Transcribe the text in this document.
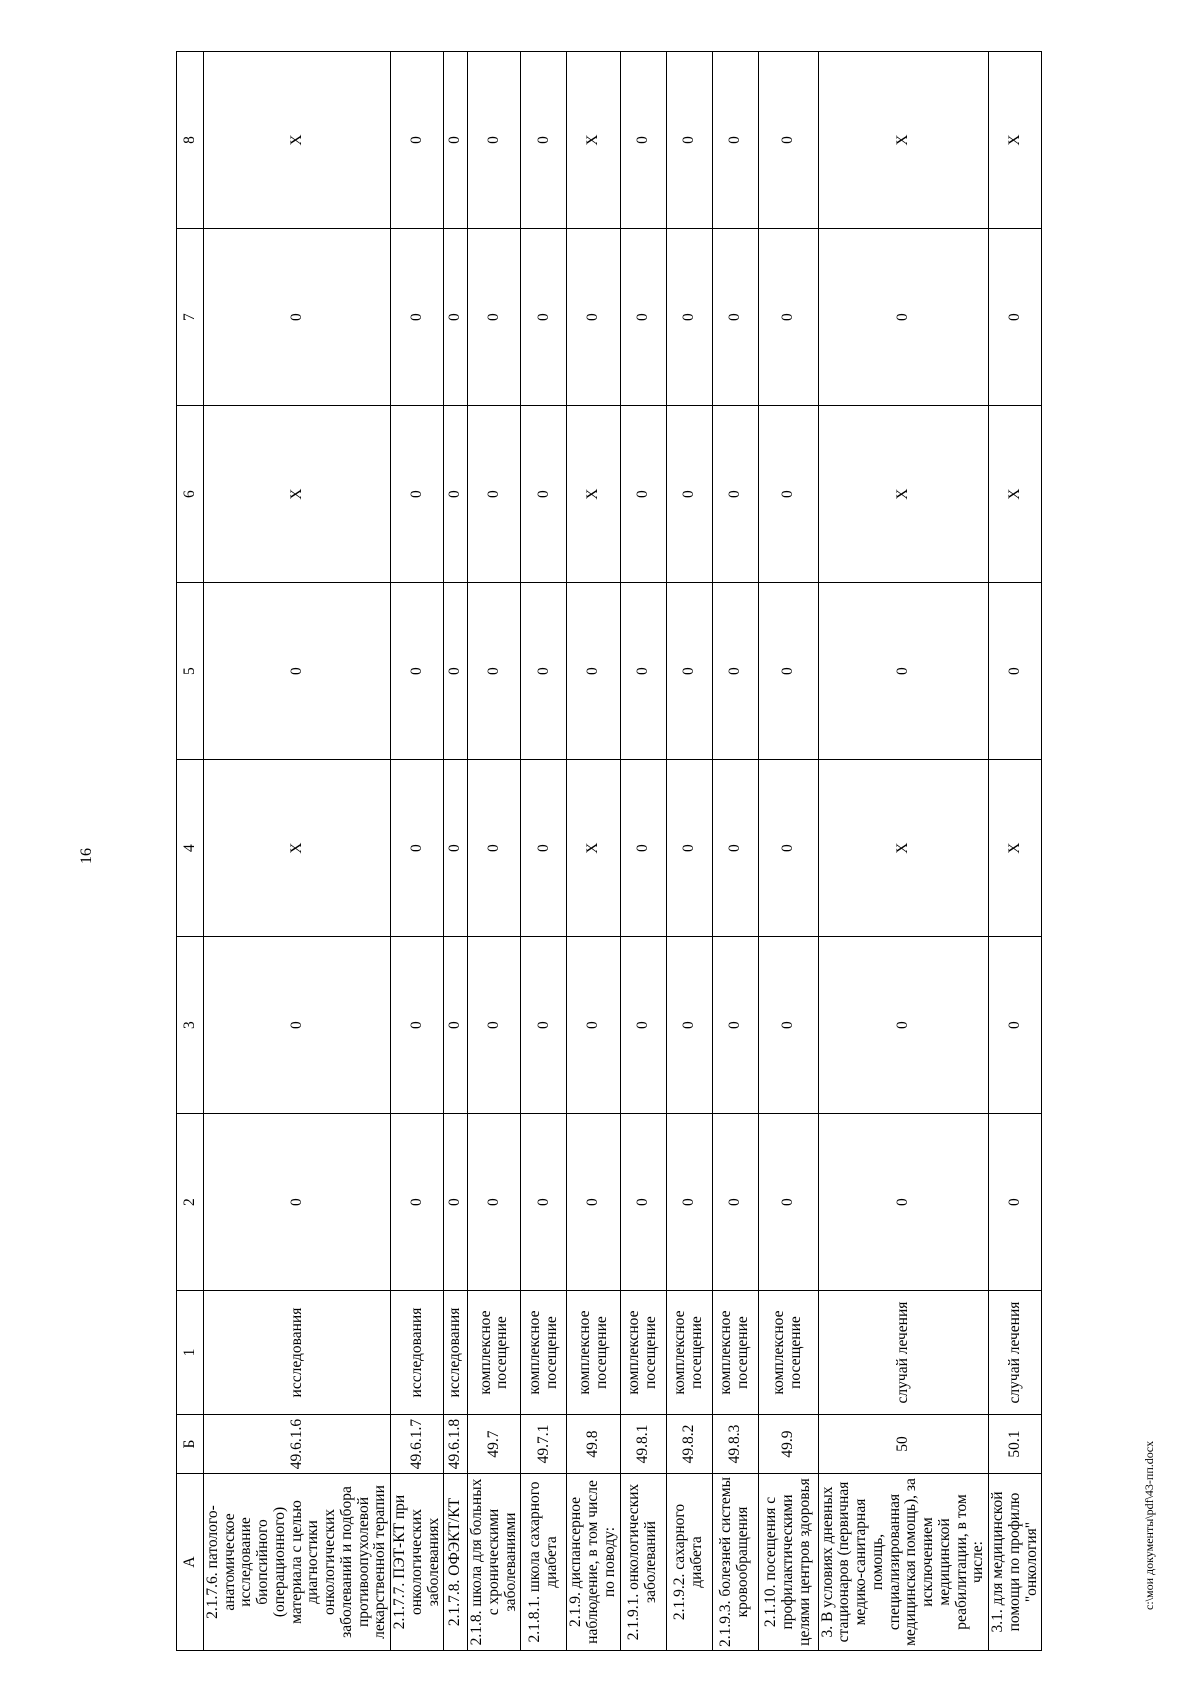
16
А	Б	1	2	3	4	5	6	7	8
2.1.7.6. патолого-анатомическое исследование биопсийного (операционного) материала с целью диагностики онкологических заболеваний и подбора противоопухолевой лекарственной терапии	49.6.1.6	исследования	0	0	X	0	X	0	X
2.1.7.7. ПЭТ-КТ при онкологических заболеваниях	49.6.1.7	исследования	0	0	0	0	0	0	0
2.1.7.8. ОФЭКТ/КТ	49.6.1.8	исследования	0	0	0	0	0	0	0
2.1.8. школа для больных с хроническими заболеваниями	49.7	комплексное посещение	0	0	0	0	0	0	0
2.1.8.1. школа сахарного диабета	49.7.1	комплексное посещение	0	0	0	0	0	0	0
2.1.9. диспансерное наблюдение, в том числе по поводу:	49.8	комплексное посещение	0	0	X	0	X	0	X
2.1.9.1. онкологических заболеваний	49.8.1	комплексное посещение	0	0	0	0	0	0	0
2.1.9.2. сахарного диабета	49.8.2	комплексное посещение	0	0	0	0	0	0	0
2.1.9.3. болезней системы кровообращения	49.8.3	комплексное посещение	0	0	0	0	0	0	0
2.1.10. посещения с профилактическими целями центров здоровья	49.9	комплексное посещение	0	0	0	0	0	0	0
3. В условиях дневных стационаров (первичная медико-санитарная помощь, специализированная медицинская помощь), за исключением медицинской реабилитации, в том числе:	50	случай лечения	0	0	X	0	X	0	X
3.1. для медицинской помощи по профилю "онкология"	50.1	случай лечения	0	0	X	0	X	0	X
c:\мои документы\pdf\43-пп.docx
